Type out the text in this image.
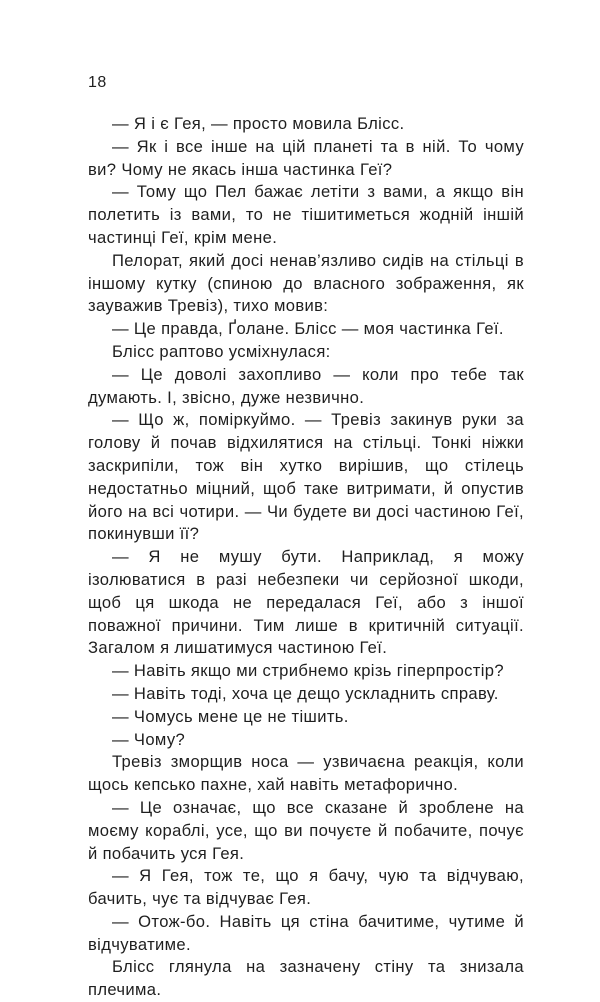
18

— Я і є Гея, — просто мовила Блісс.

— Як і все інше на цій планеті та в ній. То чому ви? Чому не якась інша частинка Геї?

— Тому що Пел бажає летіти з вами, а якщо він полетить із вами, то не тішитиметься жодній іншій частинці Геї, крім мене.

Пелорат, який досі ненав’язливо сидів на стільці в іншому кутку (спиною до власного зображення, як зауважив Тревіз), тихо мовив:

— Це правда, Ґолане. Блісс — моя частинка Геї.

Блісс раптово усміхнулася:

— Це доволі захопливо — коли про тебе так думають. І, звісно, дуже незвично.

— Що ж, поміркуймо. — Тревіз закинув руки за голову й почав відхилятися на стільці. Тонкі ніжки заскрипіли, тож він хутко вирішив, що стілець недостатньо міцний, щоб таке витримати, й опустив його на всі чотири. — Чи будете ви досі частиною Геї, покинувши її?

— Я не мушу бути. Наприклад, я можу ізолюватися в разі небезпеки чи серйозної шкоди, щоб ця шкода не передалася Геї, або з іншої поважної причини. Тим лише в критичній ситуації. Загалом я лишатимуся частиною Геї.

— Навіть якщо ми стрибнемо крізь гіперпростір?

— Навіть тоді, хоча це дещо ускладнить справу.

— Чомусь мене це не тішить.

— Чому?

Тревіз зморщив носа — узвичаєна реакція, коли щось кепсько пахне, хай навіть метафорично.

— Це означає, що все сказане й зроблене на моєму кораблі, усе, що ви почуєте й побачите, почує й побачить уся Гея.

— Я Гея, тож те, що я бачу, чую та відчуваю, бачить, чує та відчуває Гея.

— Отож-бо. Навіть ця стіна бачитиме, чутиме й відчуватиме.

Блісс глянула на зазначену стіну та знизала плечима.
